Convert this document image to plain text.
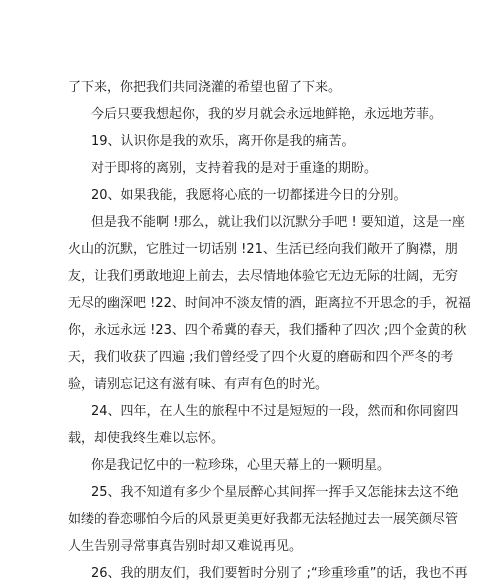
了下来，你把我们共同浇灌的希望也留了下来。
今后只要我想起你，我的岁月就会永远地鲜艳，永远地芳菲。
19、认识你是我的欢乐，离开你是我的痛苦。
对于即将的离别，支持着我的是对于重逢的期盼。
20、如果我能，我愿将心底的一切都揉进今日的分别。
但是我不能啊 !那么，就让我们以沉默分手吧 ! 要知道，这是一座
火山的沉默，它胜过一切话别 !21、生活已经向我们敞开了胸襟，朋
友，让我们勇敢地迎上前去，去尽情地体验它无边无际的壮阔，无穷
无尽的幽深吧 !22、时间冲不淡友情的酒，距离拉不开思念的手，祝福
你，永远永远 !23、四个希冀的春天，我们播种了四次 ;四个金黄的秋
天，我们收获了四遍 ;我们曾经受了四个火夏的磨砺和四个严冬的考
验，请别忘记这有滋有味、有声有色的时光。
24、四年，在人生的旅程中不过是短短的一段，然而和你同窗四
载，却使我终生难以忘怀。
你是我记忆中的一粒珍珠，心里天幕上的一颗明星。
25、我不知道有多少个星辰醉心其间挥一挥手又怎能抹去这不绝
如缕的眷恋哪怕今后的风景更美更好我都无法轻抛过去一展笑颜尽管
人生告别寻常事真告别时却又难说再见。
26、我的朋友们，我们要暂时分别了 ;“珍重珍重”的话，我也不再
